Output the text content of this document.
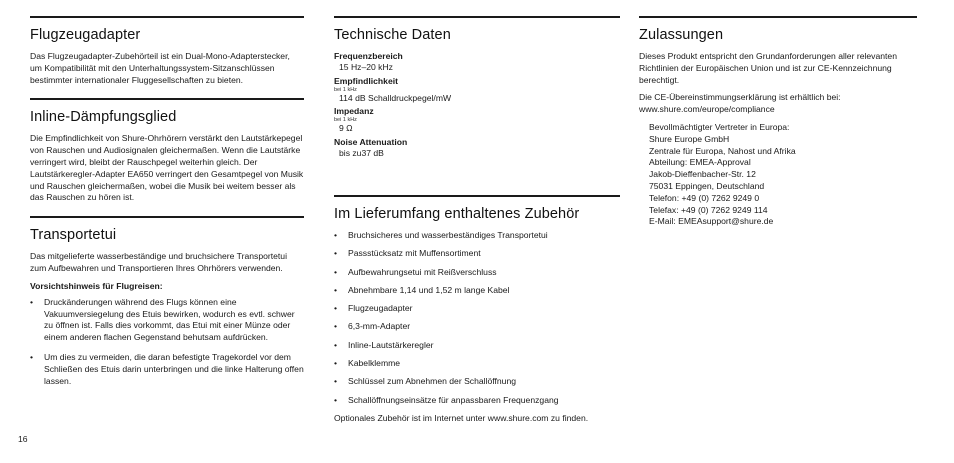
Flugzeugadapter

Das Flugzeugadapter-Zubehörteil ist ein Dual-Mono-Adapterstecker, um Kompatibilität mit den Unterhaltungssystem-Sitzanschlüssen bestimmter internationaler Fluggesellschaften zu bieten.

Inline-Dämpfungsglied

Die Empfindlichkeit von Shure-Ohrhörern verstärkt den Lautstärkepegel von Rauschen und Audiosignalen gleichermaßen. Wenn die Lautstärke verringert wird, bleibt der Rauschpegel weiterhin gleich. Der Lautstärkeregler-Adapter EA650 verringert den Gesamtpegel von Musik und Rauschen gleichermaßen, wobei die Musik bei weitem besser als das Rauschen zu hören ist.

Transportetui

Das mitgelieferte wasserbeständige und bruchsichere Transportetui zum Aufbewahren und Transportieren Ihres Ohrhörers verwenden.

Vorsichtshinweis für Flugreisen:
• Druckänderungen während des Flugs können eine Vakuumversiegelung des Etuis bewirken, wodurch es evtl. schwer zu öffnen ist. Falls dies vorkommt, das Etui mit einer Münze oder einem anderen flachen Gegenstand behutsam aufdrücken.
• Um dies zu vermeiden, die daran befestigte Tragekordel vor dem Schließen des Etuis darin unterbringen und die linke Halterung offen lassen.
Technische Daten
Frequenzbereich
15 Hz–20 kHz
Empfindlichkeit
bei 1 kHz
114 dB Schalldruckpegel/mW
Impedanz
bei 1 kHz
9 Ω
Noise Attenuation
bis zu37 dB
Im Lieferumfang enthaltenes Zubehör
• Bruchsicheres und wasserbeständiges Transportetui
• Passstücksatz mit Muffensortiment
• Aufbewahrungsetui mit Reißverschluss
• Abnehmbare 1,14 und 1,52 m lange Kabel
• Flugzeugadapter
• 6,3-mm-Adapter
• Inline-Lautstärkeregler
• Kabelklemme
• Schlüssel zum Abnehmen der Schallöffnung
• Schallöffnungseinsätze für anpassbaren Frequenzgang

Optionales Zubehör ist im Internet unter www.shure.com zu finden.

Zulassungen

Dieses Produkt entspricht den Grundanforderungen aller relevanten Richtlinien der Europäischen Union und ist zur CE-Kennzeichnung berechtigt.

Die CE-Übereinstimmungserklärung ist erhältlich bei: www.shure.com/europe/compliance

Bevollmächtigter Vertreter in Europa:
Shure Europe GmbH
Zentrale für Europa, Nahost und Afrika
Abteilung: EMEA-Approval
Jakob-Dieffenbacher-Str. 12
75031 Eppingen, Deutschland
Telefon: +49 (0) 7262 9249 0
Telefax: +49 (0) 7262 9249 114
E-Mail: EMEAsupport@shure.de
16
